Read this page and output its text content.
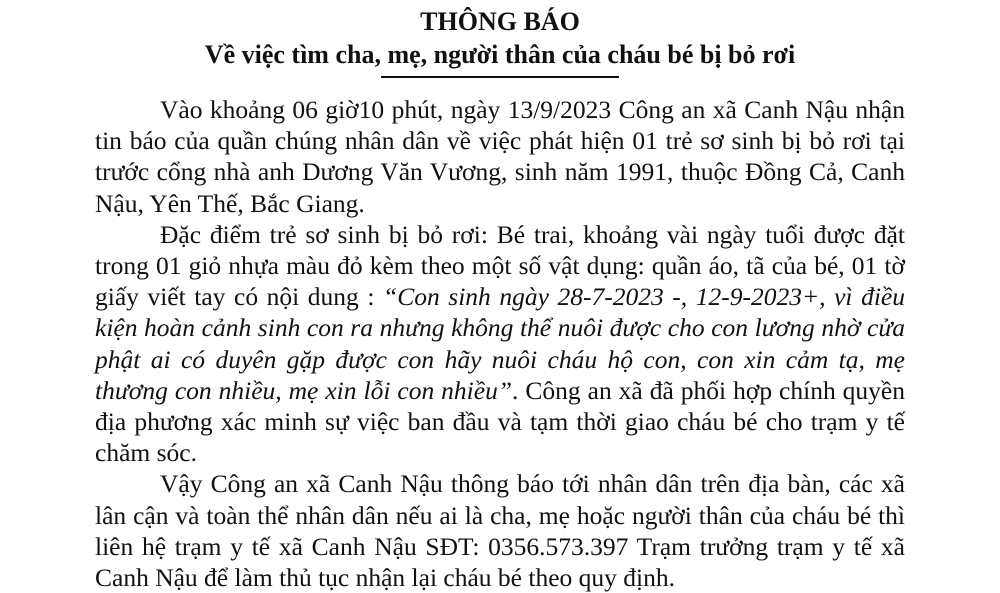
THÔNG BÁO
Về việc tìm cha, mẹ, người thân của cháu bé bị bỏ rơi

Vào khoảng 06 giờ10 phút, ngày 13/9/2023 Công an xã Canh Nậu nhận tin báo của quần chúng nhân dân về việc phát hiện 01 trẻ sơ sinh bị bỏ rơi tại trước cổng nhà anh Dương Văn Vương, sinh năm 1991, thuộc Đồng Cả, Canh Nậu, Yên Thế, Bắc Giang.

Đặc điểm trẻ sơ sinh bị bỏ rơi: Bé trai, khoảng vài ngày tuổi được đặt trong 01 giỏ nhựa màu đỏ kèm theo một số vật dụng: quần áo, tã của bé, 01 tờ giấy viết tay có nội dung : “Con sinh ngày 28-7-2023 -, 12-9-2023+, vì điều kiện hoàn cảnh sinh con ra nhưng không thể nuôi được cho con lương nhờ cửa phật ai có duyên gặp được con hãy nuôi cháu hộ con, con xin cảm tạ, mẹ thương con nhiều, mẹ xin lỗi con nhiều”. Công an xã đã phối hợp chính quyền địa phương xác minh sự việc ban đầu và tạm thời giao cháu bé cho trạm y tế chăm sóc.

Vậy Công an xã Canh Nậu thông báo tới nhân dân trên địa bàn, các xã lân cận và toàn thể nhân dân nếu ai là cha, mẹ hoặc người thân của cháu bé thì liên hệ trạm y tế xã Canh Nậu SĐT: 0356.573.397 Trạm trưởng trạm y tế xã Canh Nậu để làm thủ tục nhận lại cháu bé theo quy định.
